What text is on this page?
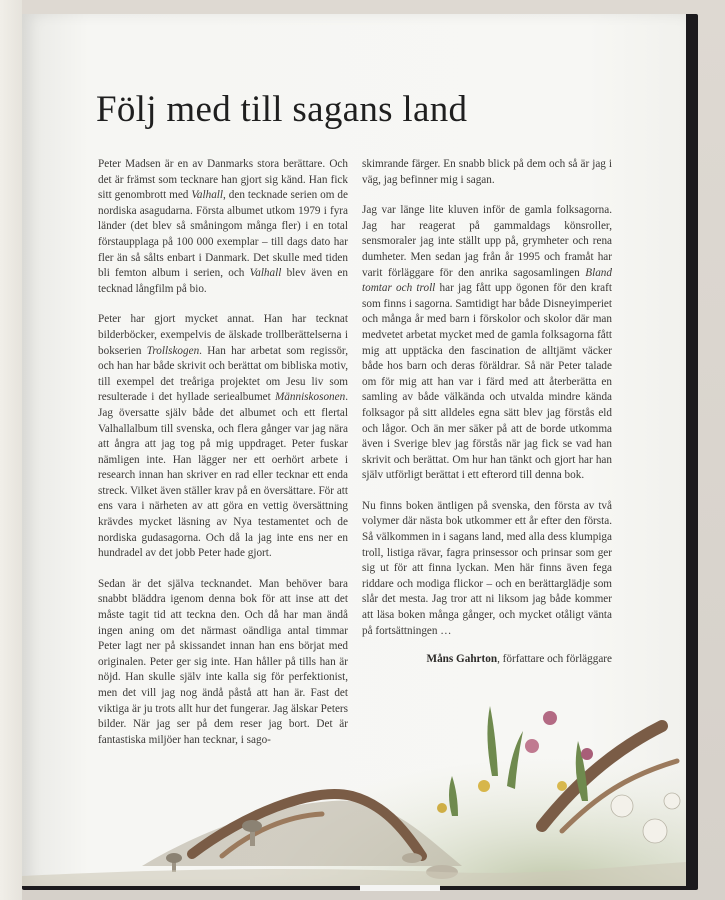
Följ med till sagans land

Peter Madsen är en av Danmarks stora berättare. Och det är främst som tecknare han gjort sig känd. Han fick sitt genombrott med Valhall, den tecknade serien om de nordiska asagudarna. Första albumet utkom 1979 i fyra länder (det blev så småningom många fler) i en total förstaupplaga på 100 000 exemplar – till dags dato har fler än så sålts enbart i Danmark. Det skulle med tiden bli femton album i serien, och Valhall blev även en tecknad långfilm på bio.

Peter har gjort mycket annat. Han har tecknat bilderböcker, exempelvis de älskade trollberättelserna i bokserien Trollskogen. Han har arbetat som regissör, och han har både skrivit och berättat om bibliska motiv, till exempel det treåriga projektet om Jesu liv som resulterade i det hyllade seriealbumet Människosonen. Jag översatte själv både det albumet och ett flertal Valhallalbum till svenska, och flera gånger var jag nära att ångra att jag tog på mig uppdraget. Peter fuskar nämligen inte. Han lägger ner ett oerhört arbete i research innan han skriver en rad eller tecknar ett enda streck. Vilket även ställer krav på en översättare. För att ens vara i närheten av att göra en vettig översättning krävdes mycket läsning av Nya testamentet och de nordiska gudasagorna. Och då la jag inte ens ner en hundradel av det jobb Peter hade gjort.

Sedan är det själva tecknandet. Man behöver bara snabbt bläddra igenom denna bok för att inse att det måste tagit tid att teckna den. Och då har man ändå ingen aning om det närmast oändliga antal timmar Peter lagt ner på skissandet innan han ens börjat med originalen. Peter ger sig inte. Han håller på tills han är nöjd. Han skulle själv inte kalla sig för perfektionist, men det vill jag nog ändå påstå att han är. Fast det viktiga är ju trots allt hur det fungerar. Jag älskar Peters bilder. När jag ser på dem reser jag bort. Det är fantastiska miljöer han tecknar, i sago-

skimrande färger. En snabb blick på dem och så är jag i väg, jag befinner mig i sagan.

Jag var länge lite kluven inför de gamla folksagorna. Jag har reagerat på gammaldags könsroller, sensmoraler jag inte ställt upp på, grymheter och rena dumheter. Men sedan jag från år 1995 och framåt har varit förläggare för den anrika sagosamlingen Bland tomtar och troll har jag fått upp ögonen för den kraft som finns i sagorna. Samtidigt har både Disneyimperiet och många år med barn i förskolor och skolor där man medvetet arbetat mycket med de gamla folksagorna fått mig att upptäcka den fascination de alltjämt väcker både hos barn och deras föräldrar. Så när Peter talade om för mig att han var i färd med att återberätta en samling av både välkända och utvalda mindre kända folksagor på sitt alldeles egna sätt blev jag förstås eld och lågor. Och än mer säker på att de borde utkomma även i Sverige blev jag förstås när jag fick se vad han skrivit och berättat. Om hur han tänkt och gjort har han själv utförligt berättat i ett efterord till denna bok.

Nu finns boken äntligen på svenska, den första av två volymer där nästa bok utkommer ett år efter den första. Så välkommen in i sagans land, med alla dess klumpiga troll, listiga rävar, fagra prinsessor och prinsar som ger sig ut för att finna lyckan. Men här finns även fega riddare och modiga flickor – och en berättarglädje som slår det mesta. Jag tror att ni liksom jag både kommer att läsa boken många gånger, och mycket otåligt vänta på fortsättningen …

Måns Gahrton, författare och förläggare
